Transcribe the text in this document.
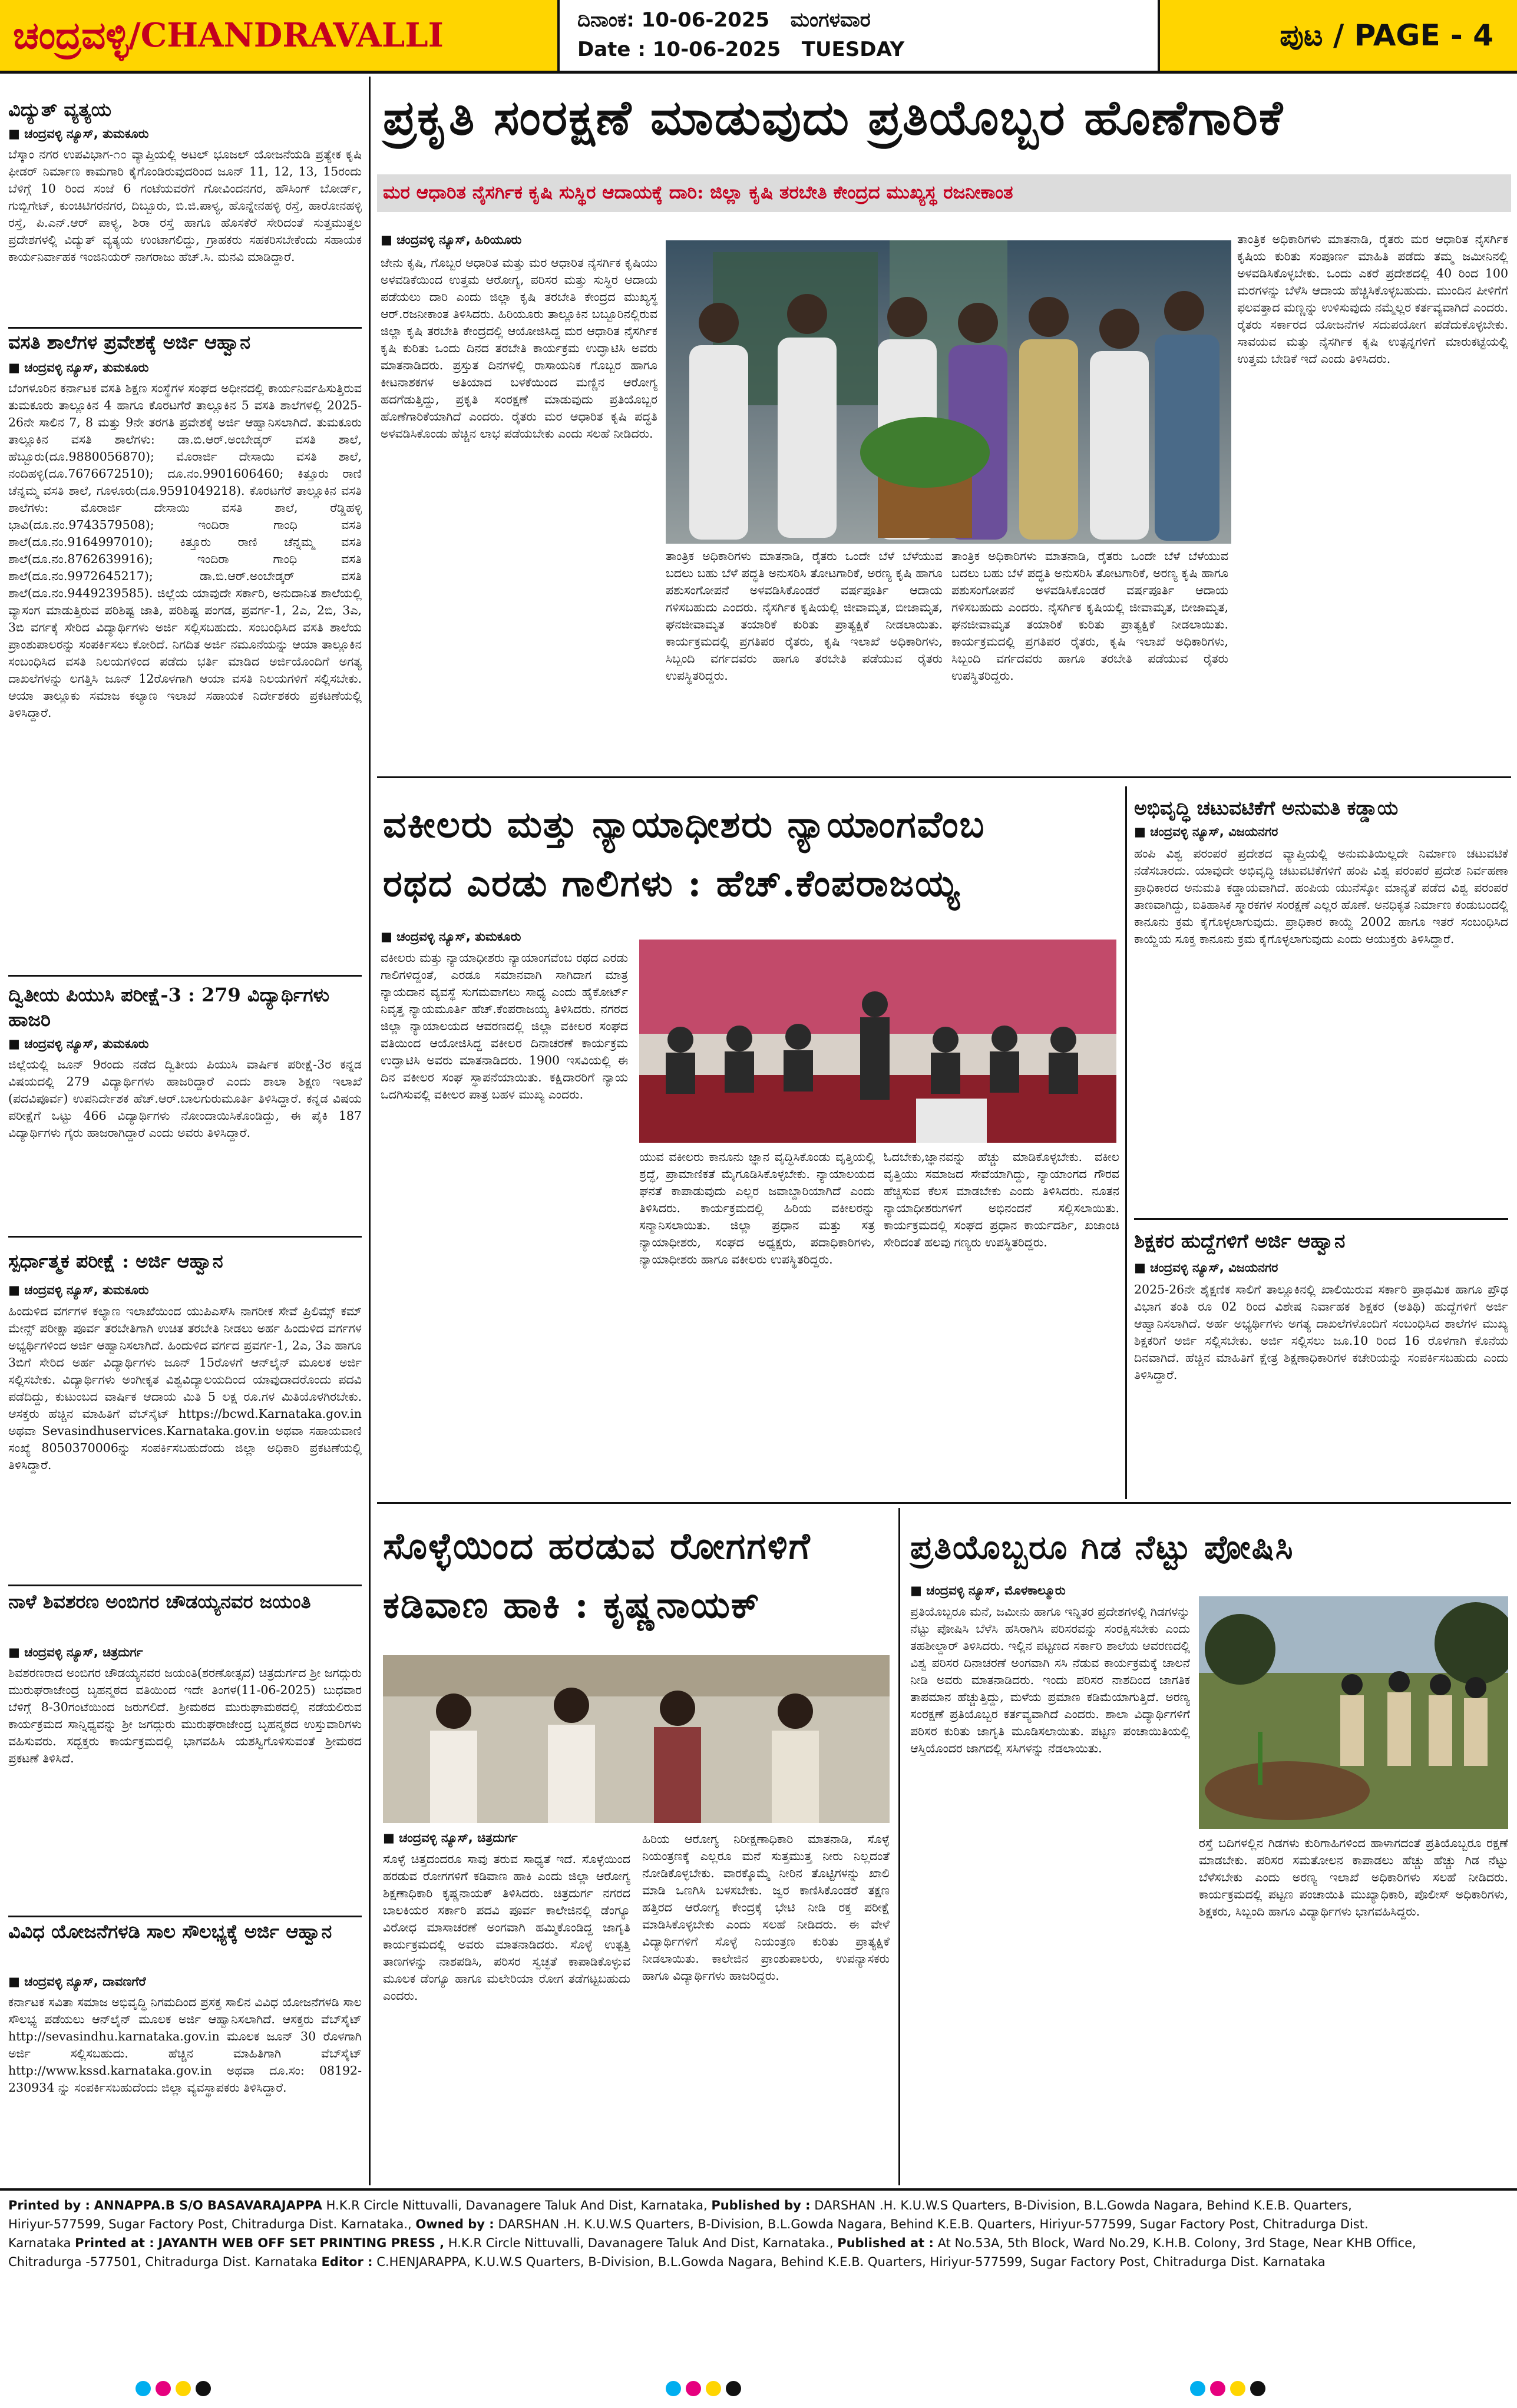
ಚಂದ್ರವಳ್ಳಿ /CHANDRAVALLI	ದಿನಾಂಕ: 10-06-2025 ಮಂಗಳವಾರ
Date : 10-06-2025 TUESDAY	ಪುಟ
/ PAGE - 4
ವಿದ್ಯುತ್ ವ್ಯತ್ಯಯ
■ ಚಂದ್ರವಳ್ಳಿ ನ್ಯೂಸ್, ತುಮಕೂರು
ಬೆಸ್ಕಾಂ ನಗರ ಉಪವಿಭಾಗ-೧೦ ವ್ಯಾಪ್ತಿಯಲ್ಲಿ ಅಟಲ್ ಭೂಜಲ್ ಯೋಜನೆಯಡಿ ಪ್ರತ್ಯೇಕ ಕೃಷಿ ಫೀಡರ್ ನಿರ್ಮಾಣ ಕಾಮಗಾರಿ ಕೈಗೊಂಡಿರುವುದರಿಂದ ಜೂನ್ 11, 12, 13, 15ರಂದು ಬೆಳಿಗ್ಗೆ 10 ರಿಂದ ಸಂಜೆ 6 ಗಂಟೆಯವರೆಗೆ ಗೋವಿಂದನಗರ, ಹೌಸಿಂಗ್ ಬೋರ್ಡ್, ಗುಬ್ಬಿಗೇಟ್, ಕುಂಚಿಟಿಗರನಗರ, ದಿಬ್ಬೂರು, ಬಿ.ಜಿ.ಪಾಳ್ಯ, ಹೊನ್ನೇನಹಳ್ಳಿ ರಸ್ತೆ, ಹಾರೋನಹಳ್ಳಿ ರಸ್ತೆ, ಪಿ.ಎನ್.ಆರ್ ಪಾಳ್ಯ, ಶಿರಾ ರಸ್ತೆ ಹಾಗೂ ಹೊಸಕೆರೆ ಸೇರಿದಂತೆ ಸುತ್ತಮುತ್ತಲ ಪ್ರದೇಶಗಳಲ್ಲಿ ವಿದ್ಯುತ್ ವ್ಯತ್ಯಯ ಉಂಟಾಗಲಿದ್ದು, ಗ್ರಾಹಕರು ಸಹಕರಿಸಬೇಕೆಂದು ಸಹಾಯಕ ಕಾರ್ಯನಿರ್ವಾಹಕ ಇಂಜಿನಿಯರ್ ನಾಗರಾಜು ಹೆಚ್.ಸಿ. ಮನವಿ ಮಾಡಿದ್ದಾರೆ.
ವಸತಿ ಶಾಲೆಗಳ ಪ್ರವೇಶಕ್ಕೆ ಅರ್ಜಿ ಆಹ್ವಾನ
■ ಚಂದ್ರವಳ್ಳಿ ನ್ಯೂಸ್, ತುಮಕೂರು
ಬೆಂಗಳೂರಿನ ಕರ್ನಾಟಕ ವಸತಿ ಶಿಕ್ಷಣ ಸಂಸ್ಥೆಗಳ ಸಂಘದ ಅಧೀನದಲ್ಲಿ ಕಾರ್ಯನಿರ್ವಹಿಸುತ್ತಿರುವ ತುಮಕೂರು ತಾಲ್ಲೂಕಿನ 4 ಹಾಗೂ ಕೊರಟಗೆರೆ ತಾಲ್ಲೂಕಿನ 5 ವಸತಿ ಶಾಲೆಗಳಲ್ಲಿ 2025-26ನೇ ಸಾಲಿನ 7, 8 ಮತ್ತು 9ನೇ ತರಗತಿ ಪ್ರವೇಶಕ್ಕೆ ಅರ್ಜಿ ಆಹ್ವಾನಿಸಲಾಗಿದೆ. ತುಮಕೂರು ತಾಲ್ಲೂಕಿನ ವಸತಿ ಶಾಲೆಗಳು: ಡಾ.ಬಿ.ಆರ್.ಅಂಬೇಡ್ಕರ್ ವಸತಿ ಶಾಲೆ, ಹೆಬ್ಬೂರು(ದೂ.9880056870); ಮೊರಾರ್ಜಿ ದೇಸಾಯಿ ವಸತಿ ಶಾಲೆ, ನಂದಿಹಳ್ಳಿ(ದೂ.7676672510); ದೂ.ನಂ.9901606460; ಕಿತ್ತೂರು ರಾಣಿ ಚೆನ್ನಮ್ಮ ವಸತಿ ಶಾಲೆ, ಗೂಳೂರು(ದೂ.9591049218). ಕೊರಟಗೆರೆ ತಾಲ್ಲೂಕಿನ ವಸತಿ ಶಾಲೆಗಳು: ಮೊರಾರ್ಜಿ ದೇಸಾಯಿ ವಸತಿ ಶಾಲೆ, ರೆಡ್ಡಿಹಳ್ಳಿ ಭಾವಿ(ದೂ.ನಂ.9743579508); ಇಂದಿರಾ ಗಾಂಧಿ ವಸತಿ ಶಾಲೆ(ದೂ.ನಂ.9164997010); ಕಿತ್ತೂರು ರಾಣಿ ಚೆನ್ನಮ್ಮ ವಸತಿ ಶಾಲೆ(ದೂ.ನಂ.8762639916); ಇಂದಿರಾ ಗಾಂಧಿ ವಸತಿ ಶಾಲೆ(ದೂ.ನಂ.9972645217); ಡಾ.ಬಿ.ಆರ್.ಅಂಬೇಡ್ಕರ್ ವಸತಿ ಶಾಲೆ(ದೂ.ನಂ.9449239585). ಜಿಲ್ಲೆಯ ಯಾವುದೇ ಸರ್ಕಾರಿ, ಅನುದಾನಿತ ಶಾಲೆಯಲ್ಲಿ ವ್ಯಾಸಂಗ ಮಾಡುತ್ತಿರುವ ಪರಿಶಿಷ್ಟ ಜಾತಿ, ಪರಿಶಿಷ್ಟ ಪಂಗಡ, ಪ್ರವರ್ಗ-1, 2ಎ, 2ಬಿ, 3ಎ, 3ಬಿ ವರ್ಗಕ್ಕೆ ಸೇರಿದ ವಿದ್ಯಾರ್ಥಿಗಳು ಅರ್ಜಿ ಸಲ್ಲಿಸಬಹುದು. ಸಂಬಂಧಿಸಿದ ವಸತಿ ಶಾಲೆಯ ಪ್ರಾಂಶುಪಾಲರನ್ನು ಸಂಪರ್ಕಿಸಲು ಕೋರಿದೆ. ನಿಗದಿತ ಅರ್ಜಿ ನಮೂನೆಯನ್ನು ಆಯಾ ತಾಲ್ಲೂಕಿನ ಸಂಬಂಧಿಸಿದ ವಸತಿ ನಿಲಯಗಳಿಂದ ಪಡೆದು ಭರ್ತಿ ಮಾಡಿದ ಅರ್ಜಿಯೊಂದಿಗೆ ಅಗತ್ಯ ದಾಖಲೆಗಳನ್ನು ಲಗತ್ತಿಸಿ ಜೂನ್ 12ರೊಳಗಾಗಿ ಆಯಾ ವಸತಿ ನಿಲಯಗಳಿಗೆ ಸಲ್ಲಿಸಬೇಕು. ಆಯಾ ತಾಲ್ಲೂಕು ಸಮಾಜ ಕಲ್ಯಾಣ ಇಲಾಖೆ ಸಹಾಯಕ ನಿರ್ದೇಶಕರು ಪ್ರಕಟಣೆಯಲ್ಲಿ ತಿಳಿಸಿದ್ದಾರೆ.
ದ್ವಿತೀಯ ಪಿಯುಸಿ ಪರೀಕ್ಷೆ-3 : 279 ವಿದ್ಯಾರ್ಥಿಗಳು ಹಾಜರಿ
■ ಚಂದ್ರವಳ್ಳಿ ನ್ಯೂಸ್, ತುಮಕೂರು
ಜಿಲ್ಲೆಯಲ್ಲಿ ಜೂನ್ 9ರಂದು ನಡೆದ ದ್ವಿತೀಯ ಪಿಯುಸಿ ವಾರ್ಷಿಕ ಪರೀಕ್ಷೆ-3ರ ಕನ್ನಡ ವಿಷಯದಲ್ಲಿ 279 ವಿದ್ಯಾರ್ಥಿಗಳು ಹಾಜರಿದ್ದಾರೆ ಎಂದು ಶಾಲಾ ಶಿಕ್ಷಣ ಇಲಾಖೆ (ಪದವಿಪೂರ್ವ) ಉಪನಿರ್ದೇಶಕ ಹೆಚ್.ಆರ್.ಬಾಲಗುರುಮೂರ್ತಿ ತಿಳಿಸಿದ್ದಾರೆ. ಕನ್ನಡ ವಿಷಯ ಪರೀಕ್ಷೆಗೆ ಒಟ್ಟು 466 ವಿದ್ಯಾರ್ಥಿಗಳು ನೋಂದಾಯಿಸಿಕೊಂಡಿದ್ದು, ಈ ಪೈಕಿ 187 ವಿದ್ಯಾರ್ಥಿಗಳು ಗೈರು ಹಾಜರಾಗಿದ್ದಾರೆ ಎಂದು ಅವರು ತಿಳಿಸಿದ್ದಾರೆ.
ಸ್ಪರ್ಧಾತ್ಮಕ ಪರೀಕ್ಷೆ : ಅರ್ಜಿ ಆಹ್ವಾನ
■ ಚಂದ್ರವಳ್ಳಿ ನ್ಯೂಸ್, ತುಮಕೂರು
ಹಿಂದುಳಿದ ವರ್ಗಗಳ ಕಲ್ಯಾಣ ಇಲಾಖೆಯಿಂದ ಯುಪಿಎಸ್‍ಸಿ ನಾಗರೀಕ ಸೇವೆ ಪ್ರಿಲಿಮ್ಸ್ ಕಮ್ ಮೇನ್ಸ್ ಪರೀಕ್ಷಾ ಪೂರ್ವ ತರಬೇತಿಗಾಗಿ ಉಚಿತ ತರಬೇತಿ ನೀಡಲು ಅರ್ಹ ಹಿಂದುಳಿದ ವರ್ಗಗಳ ಅಭ್ಯರ್ಥಿಗಳಿಂದ ಅರ್ಜಿ ಆಹ್ವಾನಿಸಲಾಗಿದೆ. ಹಿಂದುಳಿದ ವರ್ಗದ ಪ್ರವರ್ಗ-1, 2ಎ, 3ಎ ಹಾಗೂ 3ಬಿಗೆ ಸೇರಿದ ಅರ್ಹ ವಿದ್ಯಾರ್ಥಿಗಳು ಜೂನ್ 15ರೊಳಗೆ ಆನ್‍ಲೈನ್ ಮೂಲಕ ಅರ್ಜಿ ಸಲ್ಲಿಸಬೇಕು. ವಿದ್ಯಾರ್ಥಿಗಳು ಅಂಗೀಕೃತ ವಿಶ್ವವಿದ್ಯಾಲಯದಿಂದ ಯಾವುದಾದರೊಂದು ಪದವಿ ಪಡೆದಿದ್ದು, ಕುಟುಂಬದ ವಾರ್ಷಿಕ ಆದಾಯ ಮಿತಿ 5 ಲಕ್ಷ ರೂ.ಗಳ ಮಿತಿಯೊಳಗಿರಬೇಕು. ಆಸಕ್ತರು ಹೆಚ್ಚಿನ ಮಾಹಿತಿಗೆ ವೆಬ್‍ಸೈಟ್ https://bcwd.Karnataka.gov.in ಅಥವಾ Sevasindhuservices.Karnataka.gov.in ಅಥವಾ ಸಹಾಯವಾಣಿ ಸಂಖ್ಯೆ 8050370006ನ್ನು ಸಂಪರ್ಕಿಸಬಹುದೆಂದು ಜಿಲ್ಲಾ ಅಧಿಕಾರಿ ಪ್ರಕಟಣೆಯಲ್ಲಿ ತಿಳಿಸಿದ್ದಾರೆ.
ನಾಳೆ ಶಿವಶರಣ ಅಂಬಿಗರ ಚೌಡಯ್ಯನವರ ಜಯಂತಿ
■ ಚಂದ್ರವಳ್ಳಿ ನ್ಯೂಸ್, ಚಿತ್ರದುರ್ಗ
ಶಿವಶರಣರಾದ ಅಂಬಿಗರ ಚೌಡಯ್ಯನವರ ಜಯಂತಿ(ಶರಣೋತ್ಸವ) ಚಿತ್ರದುರ್ಗದ ಶ್ರೀ ಜಗದ್ಗುರು ಮುರುಘರಾಜೇಂದ್ರ ಬೃಹನ್ಮಠದ ವತಿಯಿಂದ ಇದೇ ತಿಂಗಳ(11-06-2025) ಬುಧವಾರ ಬೆಳಿಗ್ಗೆ 8-30ಗಂಟೆಯಿಂದ ಜರುಗಲಿದೆ. ಶ್ರೀಮಠದ ಮುರುಘಾಮಠದಲ್ಲಿ ನಡೆಯಲಿರುವ ಕಾರ್ಯಕ್ರಮದ ಸಾನ್ನಿಧ್ಯವನ್ನು ಶ್ರೀ ಜಗದ್ಗುರು ಮುರುಘರಾಜೇಂದ್ರ ಬೃಹನ್ಮಠದ ಉಸ್ತುವಾರಿಗಳು ವಹಿಸುವರು. ಸದ್ಭಕ್ತರು ಕಾರ್ಯಕ್ರಮದಲ್ಲಿ ಭಾಗವಹಿಸಿ ಯಶಸ್ವಿಗೊಳಿಸುವಂತೆ ಶ್ರೀಮಠದ ಪ್ರಕಟಣೆ ತಿಳಿಸಿದೆ.
ವಿವಿಧ ಯೋಜನೆಗಳಡಿ ಸಾಲ ಸೌಲಭ್ಯಕ್ಕೆ ಅರ್ಜಿ ಆಹ್ವಾನ
■ ಚಂದ್ರವಳ್ಳಿ ನ್ಯೂಸ್, ದಾವಣಗೆರೆ
ಕರ್ನಾಟಕ ಸವಿತಾ ಸಮಾಜ ಅಭಿವೃದ್ಧಿ ನಿಗಮದಿಂದ ಪ್ರಸಕ್ತ ಸಾಲಿನ ವಿವಿಧ ಯೋಜನೆಗಳಡಿ ಸಾಲ ಸೌಲಭ್ಯ ಪಡೆಯಲು ಆನ್‍ಲೈನ್ ಮೂಲಕ ಅರ್ಜಿ ಆಹ್ವಾನಿಸಲಾಗಿದೆ. ಆಸಕ್ತರು ವೆಬ್‍ಸೈಟ್ http://sevasindhu.karnataka.gov.in ಮೂಲಕ ಜೂನ್ 30 ರೊಳಗಾಗಿ ಅರ್ಜಿ ಸಲ್ಲಿಸಬಹುದು. ಹೆಚ್ಚಿನ ಮಾಹಿತಿಗಾಗಿ ವೆಬ್‍ಸೈಟ್ http://www.kssd.karnataka.gov.in ಅಥವಾ ದೂ.ಸಂ: 08192-230934 ನ್ನು ಸಂಪರ್ಕಿಸಬಹುದೆಂದು ಜಿಲ್ಲಾ ವ್ಯವಸ್ಥಾಪಕರು ತಿಳಿಸಿದ್ದಾರೆ.
ಪ್ರಕೃತಿ ಸಂರಕ್ಷಣೆ ಮಾಡುವುದು ಪ್ರತಿಯೊಬ್ಬರ ಹೊಣೆಗಾರಿಕೆ
ಮರ ಆಧಾರಿತ ನೈಸರ್ಗಿಕ ಕೃಷಿ ಸುಸ್ಥಿರ ಆದಾಯಕ್ಕೆ ದಾರಿ: ಜಿಲ್ಲಾ ಕೃಷಿ ತರಬೇತಿ ಕೇಂದ್ರದ ಮುಖ್ಯಸ್ಥ ರಜನೀಕಾಂತ
■ ಚಂದ್ರವಳ್ಳಿ ನ್ಯೂಸ್, ಹಿರಿಯೂರು
ಜೇನು ಕೃಷಿ, ಗೊಬ್ಬರ ಆಧಾರಿತ ಮತ್ತು ಮರ ಆಧಾರಿತ ನೈಸರ್ಗಿಕ ಕೃಷಿಯು ಅಳವಡಿಕೆಯಿಂದ ಉತ್ತಮ ಆರೋಗ್ಯ, ಪರಿಸರ ಮತ್ತು ಸುಸ್ಥಿರ ಆದಾಯ ಪಡೆಯಲು ದಾರಿ ಎಂದು ಜಿಲ್ಲಾ ಕೃಷಿ ತರಬೇತಿ ಕೇಂದ್ರದ ಮುಖ್ಯಸ್ಥ ಆರ್.ರಜನೀಕಾಂತ ತಿಳಿಸಿದರು. ಹಿರಿಯೂರು ತಾಲ್ಲೂಕಿನ ಬಬ್ಬೂರಿನಲ್ಲಿರುವ ಜಿಲ್ಲಾ ಕೃಷಿ ತರಬೇತಿ ಕೇಂದ್ರದಲ್ಲಿ ಆಯೋಜಿಸಿದ್ದ ಮರ ಆಧಾರಿತ ನೈಸರ್ಗಿಕ ಕೃಷಿ ಕುರಿತು ಒಂದು ದಿನದ ತರಬೇತಿ ಕಾರ್ಯಕ್ರಮ ಉದ್ಘಾಟಿಸಿ ಅವರು ಮಾತನಾಡಿದರು. ಪ್ರಸ್ತುತ ದಿನಗಳಲ್ಲಿ ರಾಸಾಯನಿಕ ಗೊಬ್ಬರ ಹಾಗೂ ಕೀಟನಾಶಕಗಳ ಅತಿಯಾದ ಬಳಕೆಯಿಂದ ಮಣ್ಣಿನ ಆರೋಗ್ಯ ಹದಗೆಡುತ್ತಿದ್ದು, ಪ್ರಕೃತಿ ಸಂರಕ್ಷಣೆ ಮಾಡುವುದು ಪ್ರತಿಯೊಬ್ಬರ ಹೊಣೆಗಾರಿಕೆಯಾಗಿದೆ ಎಂದರು. ರೈತರು ಮರ ಆಧಾರಿತ ಕೃಷಿ ಪದ್ಧತಿ ಅಳವಡಿಸಿಕೊಂಡು ಹೆಚ್ಚಿನ ಲಾಭ ಪಡೆಯಬೇಕು ಎಂದು ಸಲಹೆ ನೀಡಿದರು.
ತಾಂತ್ರಿಕ ಅಧಿಕಾರಿಗಳು ಮಾತನಾಡಿ, ರೈತರು ಒಂದೇ ಬೆಳೆ ಬೆಳೆಯುವ ಬದಲು ಬಹು ಬೆಳೆ ಪದ್ಧತಿ ಅನುಸರಿಸಿ ತೋಟಗಾರಿಕೆ, ಅರಣ್ಯ ಕೃಷಿ ಹಾಗೂ ಪಶುಸಂಗೋಪನೆ ಅಳವಡಿಸಿಕೊಂಡರೆ ವರ್ಷಪೂರ್ತಿ ಆದಾಯ ಗಳಿಸಬಹುದು ಎಂದರು. ನೈಸರ್ಗಿಕ ಕೃಷಿಯಲ್ಲಿ ಜೀವಾಮೃತ, ಬೀಜಾಮೃತ, ಘನಜೀವಾಮೃತ ತಯಾರಿಕೆ ಕುರಿತು ಪ್ರಾತ್ಯಕ್ಷಿಕೆ ನೀಡಲಾಯಿತು. ಕಾರ್ಯಕ್ರಮದಲ್ಲಿ ಪ್ರಗತಿಪರ ರೈತರು, ಕೃಷಿ ಇಲಾಖೆ ಅಧಿಕಾರಿಗಳು, ಸಿಬ್ಬಂದಿ ವರ್ಗದವರು ಹಾಗೂ ತರಬೇತಿ ಪಡೆಯುವ ರೈತರು ಉಪಸ್ಥಿತರಿದ್ದರು.
ತಾಂತ್ರಿಕ ಅಧಿಕಾರಿಗಳು ಮಾತನಾಡಿ, ರೈತರು ಒಂದೇ ಬೆಳೆ ಬೆಳೆಯುವ ಬದಲು ಬಹು ಬೆಳೆ ಪದ್ಧತಿ ಅನುಸರಿಸಿ ತೋಟಗಾರಿಕೆ, ಅರಣ್ಯ ಕೃಷಿ ಹಾಗೂ ಪಶುಸಂಗೋಪನೆ ಅಳವಡಿಸಿಕೊಂಡರೆ ವರ್ಷಪೂರ್ತಿ ಆದಾಯ ಗಳಿಸಬಹುದು ಎಂದರು. ನೈಸರ್ಗಿಕ ಕೃಷಿಯಲ್ಲಿ ಜೀವಾಮೃತ, ಬೀಜಾಮೃತ, ಘನಜೀವಾಮೃತ ತಯಾರಿಕೆ ಕುರಿತು ಪ್ರಾತ್ಯಕ್ಷಿಕೆ ನೀಡಲಾಯಿತು. ಕಾರ್ಯಕ್ರಮದಲ್ಲಿ ಪ್ರಗತಿಪರ ರೈತರು, ಕೃಷಿ ಇಲಾಖೆ ಅಧಿಕಾರಿಗಳು, ಸಿಬ್ಬಂದಿ ವರ್ಗದವರು ಹಾಗೂ ತರಬೇತಿ ಪಡೆಯುವ ರೈತರು ಉಪಸ್ಥಿತರಿದ್ದರು.
ತಾಂತ್ರಿಕ ಅಧಿಕಾರಿಗಳು ಮಾತನಾಡಿ, ರೈತರು ಮರ ಆಧಾರಿತ ನೈಸರ್ಗಿಕ ಕೃಷಿಯ ಕುರಿತು ಸಂಪೂರ್ಣ ಮಾಹಿತಿ ಪಡೆದು ತಮ್ಮ ಜಮೀನಿನಲ್ಲಿ ಅಳವಡಿಸಿಕೊಳ್ಳಬೇಕು. ಒಂದು ಎಕರೆ ಪ್ರದೇಶದಲ್ಲಿ 40 ರಿಂದ 100 ಮರಗಳನ್ನು ಬೆಳೆಸಿ ಆದಾಯ ಹೆಚ್ಚಿಸಿಕೊಳ್ಳಬಹುದು. ಮುಂದಿನ ಪೀಳಿಗೆಗೆ ಫಲವತ್ತಾದ ಮಣ್ಣನ್ನು ಉಳಿಸುವುದು ನಮ್ಮೆಲ್ಲರ ಕರ್ತವ್ಯವಾಗಿದೆ ಎಂದರು. ರೈತರು ಸರ್ಕಾರದ ಯೋಜನೆಗಳ ಸದುಪಯೋಗ ಪಡೆದುಕೊಳ್ಳಬೇಕು. ಸಾವಯವ ಮತ್ತು ನೈಸರ್ಗಿಕ ಕೃಷಿ ಉತ್ಪನ್ನಗಳಿಗೆ ಮಾರುಕಟ್ಟೆಯಲ್ಲಿ ಉತ್ತಮ ಬೇಡಿಕೆ ಇದೆ ಎಂದು ತಿಳಿಸಿದರು.
ವಕೀಲರು ಮತ್ತು ನ್ಯಾಯಾಧೀಶರು ನ್ಯಾಯಾಂಗವೆಂಬ
ರಥದ ಎರಡು ಗಾಲಿಗಳು : ಹೆಚ್.ಕೆಂಪರಾಜಯ್ಯ
■ ಚಂದ್ರವಳ್ಳಿ ನ್ಯೂಸ್, ತುಮಕೂರು
ವಕೀಲರು ಮತ್ತು ನ್ಯಾಯಾಧೀಶರು ನ್ಯಾಯಾಂಗವೆಂಬ ರಥದ ಎರಡು ಗಾಲಿಗಳಿದ್ದಂತೆ, ಎರಡೂ ಸಮಾನವಾಗಿ ಸಾಗಿದಾಗ ಮಾತ್ರ ನ್ಯಾಯದಾನ ವ್ಯವಸ್ಥೆ ಸುಗಮವಾಗಲು ಸಾಧ್ಯ ಎಂದು ಹೈಕೋರ್ಟ್ ನಿವೃತ್ತ ನ್ಯಾಯಮೂರ್ತಿ ಹೆಚ್.ಕೆಂಪರಾಜಯ್ಯ ತಿಳಿಸಿದರು. ನಗರದ ಜಿಲ್ಲಾ ನ್ಯಾಯಾಲಯದ ಆವರಣದಲ್ಲಿ ಜಿಲ್ಲಾ ವಕೀಲರ ಸಂಘದ ವತಿಯಿಂದ ಆಯೋಜಿಸಿದ್ದ ವಕೀಲರ ದಿನಾಚರಣೆ ಕಾರ್ಯಕ್ರಮ ಉದ್ಘಾಟಿಸಿ ಅವರು ಮಾತನಾಡಿದರು. 1900 ಇಸವಿಯಲ್ಲಿ ಈ ದಿನ ವಕೀಲರ ಸಂಘ ಸ್ಥಾಪನೆಯಾಯಿತು. ಕಕ್ಷಿದಾರರಿಗೆ ನ್ಯಾಯ ಒದಗಿಸುವಲ್ಲಿ ವಕೀಲರ ಪಾತ್ರ ಬಹಳ ಮುಖ್ಯ ಎಂದರು.
ಯುವ ವಕೀಲರು ಕಾನೂನು ಜ್ಞಾನ ವೃದ್ಧಿಸಿಕೊಂಡು ವೃತ್ತಿಯಲ್ಲಿ ಶ್ರದ್ಧೆ, ಪ್ರಾಮಾಣಿಕತೆ ಮೈಗೂಡಿಸಿಕೊಳ್ಳಬೇಕು. ನ್ಯಾಯಾಲಯದ ಘನತೆ ಕಾಪಾಡುವುದು ಎಲ್ಲರ ಜವಾಬ್ದಾರಿಯಾಗಿದೆ ಎಂದು ತಿಳಿಸಿದರು. ಕಾರ್ಯಕ್ರಮದಲ್ಲಿ ಹಿರಿಯ ವಕೀಲರನ್ನು ಸನ್ಮಾನಿಸಲಾಯಿತು. ಜಿಲ್ಲಾ ಪ್ರಧಾನ ಮತ್ತು ಸತ್ರ ನ್ಯಾಯಾಧೀಶರು, ಸಂಘದ ಅಧ್ಯಕ್ಷರು, ಪದಾಧಿಕಾರಿಗಳು, ನ್ಯಾಯಾಧೀಶರು ಹಾಗೂ ವಕೀಲರು ಉಪಸ್ಥಿತರಿದ್ದರು.
ಓದಬೇಕು,ಜ್ಞಾನವನ್ನು ಹೆಚ್ಚು ಮಾಡಿಕೊಳ್ಳಬೇಕು. ವಕೀಲ ವೃತ್ತಿಯು ಸಮಾಜದ ಸೇವೆಯಾಗಿದ್ದು, ನ್ಯಾಯಾಂಗದ ಗೌರವ ಹೆಚ್ಚಿಸುವ ಕೆಲಸ ಮಾಡಬೇಕು ಎಂದು ತಿಳಿಸಿದರು. ನೂತನ ನ್ಯಾಯಾಧೀಶರುಗಳಿಗೆ ಅಭಿನಂದನೆ ಸಲ್ಲಿಸಲಾಯಿತು. ಕಾರ್ಯಕ್ರಮದಲ್ಲಿ ಸಂಘದ ಪ್ರಧಾನ ಕಾರ್ಯದರ್ಶಿ, ಖಜಾಂಚಿ ಸೇರಿದಂತೆ ಹಲವು ಗಣ್ಯರು ಉಪಸ್ಥಿತರಿದ್ದರು.
ಅಭಿವೃದ್ಧಿ ಚಟುವಟಿಕೆಗೆ ಅನುಮತಿ ಕಡ್ಡಾಯ
■ ಚಂದ್ರವಳ್ಳಿ ನ್ಯೂಸ್, ವಿಜಯನಗರ
ಹಂಪಿ ವಿಶ್ವ ಪರಂಪರೆ ಪ್ರದೇಶದ ವ್ಯಾಪ್ತಿಯಲ್ಲಿ ಅನುಮತಿಯಿಲ್ಲದೇ ನಿರ್ಮಾಣ ಚಟುವಟಿಕೆ ನಡೆಸಬಾರದು. ಯಾವುದೇ ಅಭಿವೃದ್ಧಿ ಚಟುವಟಿಕೆಗಳಿಗೆ ಹಂಪಿ ವಿಶ್ವ ಪರಂಪರೆ ಪ್ರದೇಶ ನಿರ್ವಹಣಾ ಪ್ರಾಧಿಕಾರದ ಅನುಮತಿ ಕಡ್ಡಾಯವಾಗಿದೆ. ಹಂಪಿಯ ಯುನೆಸ್ಕೋ ಮಾನ್ಯತೆ ಪಡೆದ ವಿಶ್ವ ಪರಂಪರೆ ತಾಣವಾಗಿದ್ದು, ಐತಿಹಾಸಿಕ ಸ್ಮಾರಕಗಳ ಸಂರಕ್ಷಣೆ ಎಲ್ಲರ ಹೊಣೆ. ಅನಧಿಕೃತ ನಿರ್ಮಾಣ ಕಂಡುಬಂದಲ್ಲಿ ಕಾನೂನು ಕ್ರಮ ಕೈಗೊಳ್ಳಲಾಗುವುದು. ಪ್ರಾಧಿಕಾರ ಕಾಯ್ದೆ 2002 ಹಾಗೂ ಇತರೆ ಸಂಬಂಧಿಸಿದ ಕಾಯ್ದೆಯ ಸೂಕ್ತ ಕಾನೂನು ಕ್ರಮ ಕೈಗೊಳ್ಳಲಾಗುವುದು ಎಂದು ಆಯುಕ್ತರು ತಿಳಿಸಿದ್ದಾರೆ.
ಶಿಕ್ಷಕರ ಹುದ್ದೆಗಳಿಗೆ ಅರ್ಜಿ ಆಹ್ವಾನ
■ ಚಂದ್ರವಳ್ಳಿ ನ್ಯೂಸ್, ವಿಜಯನಗರ
2025-26ನೇ ಶೈಕ್ಷಣಿಕ ಸಾಲಿಗೆ ತಾಲ್ಲೂಕಿನಲ್ಲಿ ಖಾಲಿಯಿರುವ ಸರ್ಕಾರಿ ಪ್ರಾಥಮಿಕ ಹಾಗೂ ಪ್ರೌಢ ವಿಭಾಗ ತಂತಿ ರೂ 02 ರಿಂದ ವಿಶೇಷ ನಿರ್ವಾಹಕ ಶಿಕ್ಷಕರ (ಅತಿಥಿ) ಹುದ್ದೆಗಳಿಗೆ ಅರ್ಜಿ ಆಹ್ವಾನಿಸಲಾಗಿದೆ. ಅರ್ಹ ಅಭ್ಯರ್ಥಿಗಳು ಅಗತ್ಯ ದಾಖಲೆಗಳೊಂದಿಗೆ ಸಂಬಂಧಿಸಿದ ಶಾಲೆಗಳ ಮುಖ್ಯ ಶಿಕ್ಷಕರಿಗೆ ಅರ್ಜಿ ಸಲ್ಲಿಸಬೇಕು. ಅರ್ಜಿ ಸಲ್ಲಿಸಲು ಜೂ.10 ರಿಂದ 16 ರೊಳಗಾಗಿ ಕೊನೆಯ ದಿನವಾಗಿದೆ. ಹೆಚ್ಚಿನ ಮಾಹಿತಿಗೆ ಕ್ಷೇತ್ರ ಶಿಕ್ಷಣಾಧಿಕಾರಿಗಳ ಕಚೇರಿಯನ್ನು ಸಂಪರ್ಕಿಸಬಹುದು ಎಂದು ತಿಳಿಸಿದ್ದಾರೆ.
ಸೊಳ್ಳೆಯಿಂದ ಹರಡುವ ರೋಗಗಳಿಗೆ
ಕಡಿವಾಣ ಹಾಕಿ : ಕೃಷ್ಣನಾಯಕ್
■ ಚಂದ್ರವಳ್ಳಿ ನ್ಯೂಸ್, ಚಿತ್ರದುರ್ಗ
ಸೊಳ್ಳೆ ಚಿತ್ತದಂದರೂ ಸಾವು ತರುವ ಸಾಧ್ಯತೆ ಇದೆ. ಸೊಳ್ಳೆಯಿಂದ ಹರಡುವ ರೋಗಗಳಿಗೆ ಕಡಿವಾಣ ಹಾಕಿ ಎಂದು ಜಿಲ್ಲಾ ಆರೋಗ್ಯ ಶಿಕ್ಷಣಾಧಿಕಾರಿ ಕೃಷ್ಣನಾಯಕ್ ತಿಳಿಸಿದರು. ಚಿತ್ರದುರ್ಗ ನಗರದ ಬಾಲಕಿಯರ ಸರ್ಕಾರಿ ಪದವಿ ಪೂರ್ವ ಕಾಲೇಜಿನಲ್ಲಿ ಡೆಂಗ್ಯೂ ವಿರೋಧ ಮಾಸಾಚರಣೆ ಅಂಗವಾಗಿ ಹಮ್ಮಿಕೊಂಡಿದ್ದ ಜಾಗೃತಿ ಕಾರ್ಯಕ್ರಮದಲ್ಲಿ ಅವರು ಮಾತನಾಡಿದರು. ಸೊಳ್ಳೆ ಉತ್ಪತ್ತಿ ತಾಣಗಳನ್ನು ನಾಶಪಡಿಸಿ, ಪರಿಸರ ಸ್ವಚ್ಛತೆ ಕಾಪಾಡಿಕೊಳ್ಳುವ ಮೂಲಕ ಡೆಂಗ್ಯೂ ಹಾಗೂ ಮಲೇರಿಯಾ ರೋಗ ತಡೆಗಟ್ಟಬಹುದು ಎಂದರು.
ಹಿರಿಯ ಆರೋಗ್ಯ ನಿರೀಕ್ಷಣಾಧಿಕಾರಿ ಮಾತನಾಡಿ, ಸೊಳ್ಳೆ ನಿಯಂತ್ರಣಕ್ಕೆ ಎಲ್ಲರೂ ಮನೆ ಸುತ್ತಮುತ್ತ ನೀರು ನಿಲ್ಲದಂತೆ ನೋಡಿಕೊಳ್ಳಬೇಕು. ವಾರಕ್ಕೊಮ್ಮೆ ನೀರಿನ ತೊಟ್ಟಿಗಳನ್ನು ಖಾಲಿ ಮಾಡಿ ಒಣಗಿಸಿ ಬಳಸಬೇಕು. ಜ್ವರ ಕಾಣಿಸಿಕೊಂಡರೆ ತಕ್ಷಣ ಹತ್ತಿರದ ಆರೋಗ್ಯ ಕೇಂದ್ರಕ್ಕೆ ಭೇಟಿ ನೀಡಿ ರಕ್ತ ಪರೀಕ್ಷೆ ಮಾಡಿಸಿಕೊಳ್ಳಬೇಕು ಎಂದು ಸಲಹೆ ನೀಡಿದರು. ಈ ವೇಳೆ ವಿದ್ಯಾರ್ಥಿಗಳಿಗೆ ಸೊಳ್ಳೆ ನಿಯಂತ್ರಣ ಕುರಿತು ಪ್ರಾತ್ಯಕ್ಷಿಕೆ ನೀಡಲಾಯಿತು. ಕಾಲೇಜಿನ ಪ್ರಾಂಶುಪಾಲರು, ಉಪನ್ಯಾಸಕರು ಹಾಗೂ ವಿದ್ಯಾರ್ಥಿಗಳು ಹಾಜರಿದ್ದರು.
ಪ್ರತಿಯೊಬ್ಬರೂ ಗಿಡ ನೆಟ್ಟು ಪೋಷಿಸಿ
■ ಚಂದ್ರವಳ್ಳಿ ನ್ಯೂಸ್, ಮೊಳಕಾಲ್ಮೂರು
ಪ್ರತಿಯೊಬ್ಬರೂ ಮನೆ, ಜಮೀನು ಹಾಗೂ ಇನ್ನಿತರ ಪ್ರದೇಶಗಳಲ್ಲಿ ಗಿಡಗಳನ್ನು ನೆಟ್ಟು ಪೋಷಿಸಿ ಬೆಳೆಸಿ ಹಸಿರಾಗಿಸಿ ಪರಿಸರವನ್ನು ಸಂರಕ್ಷಿಸಬೇಕು ಎಂದು ತಹಶೀಲ್ದಾರ್ ತಿಳಿಸಿದರು. ಇಲ್ಲಿನ ಪಟ್ಟಣದ ಸರ್ಕಾರಿ ಶಾಲೆಯ ಆವರಣದಲ್ಲಿ ವಿಶ್ವ ಪರಿಸರ ದಿನಾಚರಣೆ ಅಂಗವಾಗಿ ಸಸಿ ನೆಡುವ ಕಾರ್ಯಕ್ರಮಕ್ಕೆ ಚಾಲನೆ ನೀಡಿ ಅವರು ಮಾತನಾಡಿದರು. ಇಂದು ಪರಿಸರ ನಾಶದಿಂದ ಜಾಗತಿಕ ತಾಪಮಾನ ಹೆಚ್ಚುತ್ತಿದ್ದು, ಮಳೆಯ ಪ್ರಮಾಣ ಕಡಿಮೆಯಾಗುತ್ತಿದೆ. ಅರಣ್ಯ ಸಂರಕ್ಷಣೆ ಪ್ರತಿಯೊಬ್ಬರ ಕರ್ತವ್ಯವಾಗಿದೆ ಎಂದರು. ಶಾಲಾ ವಿದ್ಯಾರ್ಥಿಗಳಿಗೆ ಪರಿಸರ ಕುರಿತು ಜಾಗೃತಿ ಮೂಡಿಸಲಾಯಿತು. ಪಟ್ಟಣ ಪಂಚಾಯಿತಿಯಲ್ಲಿ ಆಸ್ತಿಯೊಂದರ ಜಾಗದಲ್ಲಿ ಸಸಿಗಳನ್ನು ನೆಡಲಾಯಿತು.
ರಸ್ತೆ ಬದಿಗಳಲ್ಲಿನ ಗಿಡಗಳು ಕುರಿಗಾಹಿಗಳಿಂದ ಹಾಳಾಗದಂತೆ ಪ್ರತಿಯೊಬ್ಬರೂ ರಕ್ಷಣೆ ಮಾಡಬೇಕು. ಪರಿಸರ ಸಮತೋಲನ ಕಾಪಾಡಲು ಹೆಚ್ಚು ಹೆಚ್ಚು ಗಿಡ ನೆಟ್ಟು ಬೆಳೆಸಬೇಕು ಎಂದು ಅರಣ್ಯ ಇಲಾಖೆ ಅಧಿಕಾರಿಗಳು ಸಲಹೆ ನೀಡಿದರು. ಕಾರ್ಯಕ್ರಮದಲ್ಲಿ ಪಟ್ಟಣ ಪಂಚಾಯಿತಿ ಮುಖ್ಯಾಧಿಕಾರಿ, ಪೊಲೀಸ್ ಅಧಿಕಾರಿಗಳು, ಶಿಕ್ಷಕರು, ಸಿಬ್ಬಂದಿ ಹಾಗೂ ವಿದ್ಯಾರ್ಥಿಗಳು ಭಾಗವಹಿಸಿದ್ದರು.
Printed by : ANNAPPA.B S/O BASAVARAJAPPA H.K.R Circle Nittuvalli, Davanagere Taluk And Dist, Karnataka, Published by : DARSHAN .H. K.U.W.S Quarters, B-Division, B.L.Gowda Nagara, Behind K.E.B. Quarters,
Hiriyur-577599, Sugar Factory Post, Chitradurga Dist. Karnataka., Owned by : DARSHAN .H. K.U.W.S Quarters, B-Division, B.L.Gowda Nagara, Behind K.E.B. Quarters, Hiriyur-577599, Sugar Factory Post, Chitradurga Dist.
Karnataka Printed at : JAYANTH WEB OFF SET PRINTING PRESS , H.K.R Circle Nittuvalli, Davanagere Taluk And Dist, Karnataka., Published at : At No.53A, 5th Block, Ward No.29, K.H.B. Colony, 3rd Stage, Near KHB Office,
Chitradurga -577501, Chitradurga Dist. Karnataka Editor : C.HENJARAPPA, K.U.W.S Quarters, B-Division, B.L.Gowda Nagara, Behind K.E.B. Quarters, Hiriyur-577599, Sugar Factory Post, Chitradurga Dist. Karnataka
